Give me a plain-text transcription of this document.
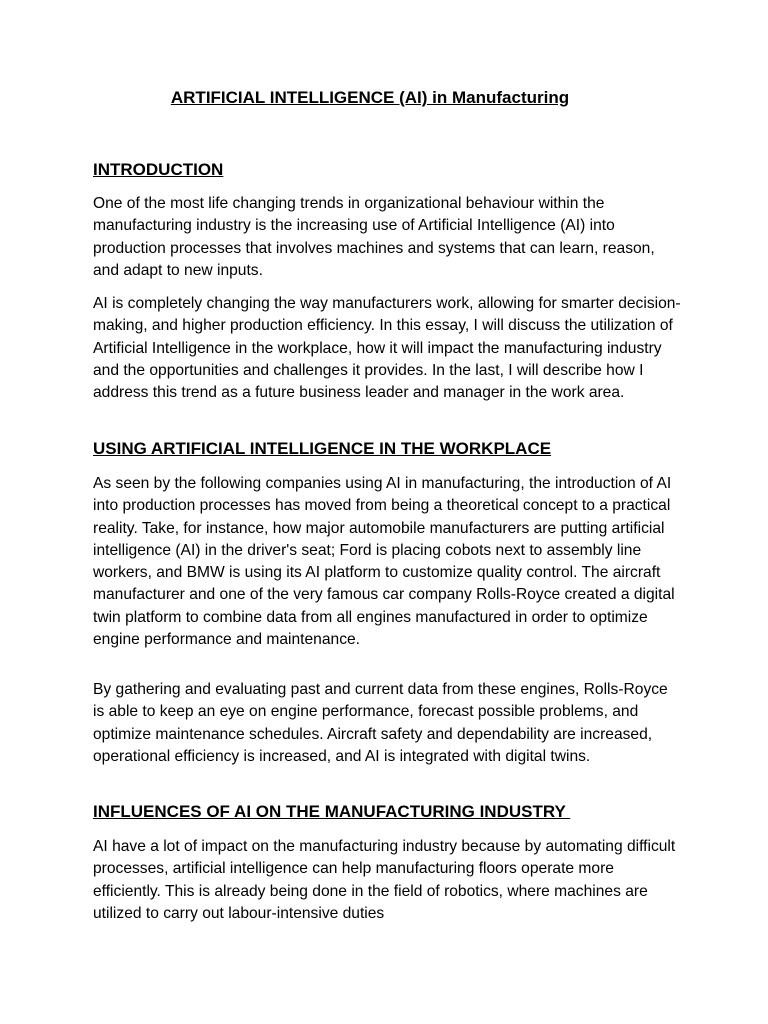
ARTIFICIAL INTELLIGENCE (AI) in Manufacturing
INTRODUCTION

One of the most life changing trends in organizational behaviour within the manufacturing industry is the increasing use of Artificial Intelligence (AI) into production processes that involves machines and systems that can learn, reason, and adapt to new inputs.

AI is completely changing the way manufacturers work, allowing for smarter decision-making, and higher production efficiency. In this essay, I will discuss the utilization of Artificial Intelligence in the workplace, how it will impact the manufacturing industry and the opportunities and challenges it provides. In the last, I will describe how I address this trend as a future business leader and manager in the work area.

USING ARTIFICIAL INTELLIGENCE IN THE WORKPLACE

As seen by the following companies using AI in manufacturing, the introduction of AI into production processes has moved from being a theoretical concept to a practical reality. Take, for instance, how major automobile manufacturers are putting artificial intelligence (AI) in the driver's seat; Ford is placing cobots next to assembly line workers, and BMW is using its AI platform to customize quality control. The aircraft manufacturer and one of the very famous car company Rolls-Royce created a digital twin platform to combine data from all engines manufactured in order to optimize engine performance and maintenance.

By gathering and evaluating past and current data from these engines, Rolls-Royce is able to keep an eye on engine performance, forecast possible problems, and optimize maintenance schedules. Aircraft safety and dependability are increased, operational efficiency is increased, and AI is integrated with digital twins.

INFLUENCES OF AI ON THE MANUFACTURING INDUSTRY

AI have a lot of impact on the manufacturing industry because by automating difficult processes, artificial intelligence can help manufacturing floors operate more efficiently. This is already being done in the field of robotics, where machines are utilized to carry out labour-intensive duties
